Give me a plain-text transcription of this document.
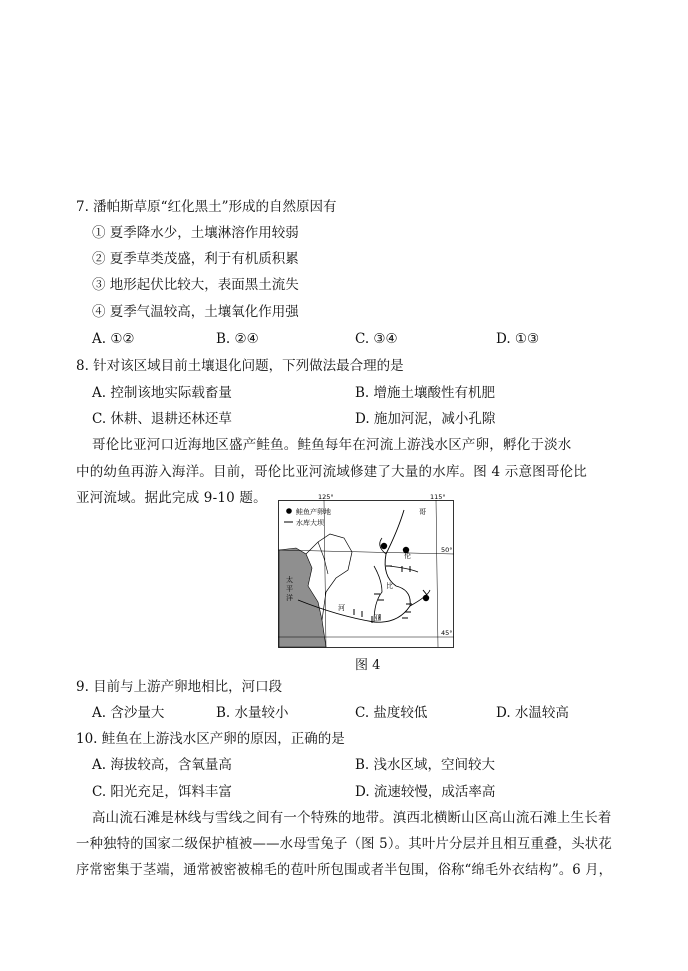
7. 潘帕斯草原“红化黑土”形成的自然原因有
① 夏季降水少，土壤淋溶作用较弱
② 夏季草类茂盛，利于有机质积累
③ 地形起伏比较大，表面黑土流失
④ 夏季气温较高，土壤氧化作用强
A. ①②	B. ②④	C. ③④	D. ①③
8. 针对该区域目前土壤退化问题，下列做法最合理的是
A. 控制该地实际载畜量	B. 增施土壤酸性有机肥
C. 休耕、退耕还林还草	D. 施加河泥，减小孔隙
哥伦比亚河口近海地区盛产鲑鱼。鲑鱼每年在河流上游浅水区产卵，孵化于淡水
中的幼鱼再游入海洋。目前，哥伦比亚河流域修建了大量的水库。图 4 示意图哥伦比
亚河流域。据此完成 9-10 题。
鲑鱼产卵地
水库大坝
125°	115°
50°
45°
太
平
洋
哥
伦
比
亚
河
图 4
9. 目前与上游产卵地相比，河口段
A. 含沙量大	B. 水量较小	C. 盐度较低	D. 水温较高
10. 鲑鱼在上游浅水区产卵的原因，正确的是
A. 海拔较高，含氧量高	B. 浅水区域，空间较大
C. 阳光充足，饵料丰富	D. 流速较慢，成活率高
高山流石滩是林线与雪线之间有一个特殊的地带。滇西北横断山区高山流石滩上生长着
一种独特的国家二级保护植被——水母雪兔子（图 5）。其叶片分层并且相互重叠，头状花
序常密集于茎端，通常被密被棉毛的苞叶所包围或者半包围，俗称“绵毛外衣结构”。6 月，
